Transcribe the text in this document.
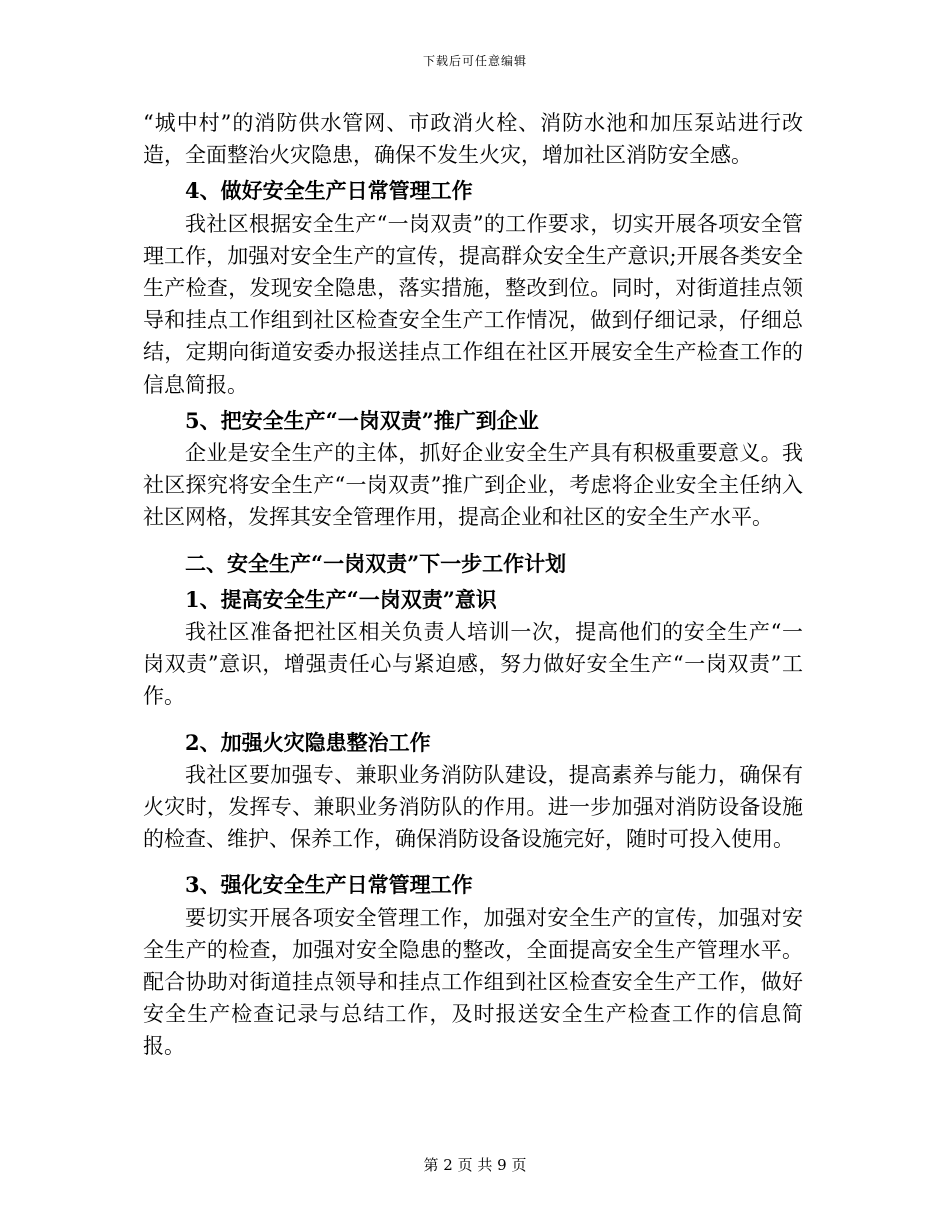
下载后可任意编辑

“城中村”的消防供水管网、市政消火栓、消防水池和加压泵站进行改造，全面整治火灾隐患，确保不发生火灾，增加社区消防安全感。

4、做好安全生产日常管理工作

我社区根据安全生产“一岗双责”的工作要求，切实开展各项安全管理工作，加强对安全生产的宣传，提高群众安全生产意识;开展各类安全生产检查，发现安全隐患，落实措施，整改到位。同时，对街道挂点领导和挂点工作组到社区检查安全生产工作情况，做到仔细记录，仔细总结，定期向街道安委办报送挂点工作组在社区开展安全生产检查工作的信息简报。

5、把安全生产“一岗双责”推广到企业

企业是安全生产的主体，抓好企业安全生产具有积极重要意义。我社区探究将安全生产“一岗双责”推广到企业，考虑将企业安全主任纳入社区网格，发挥其安全管理作用，提高企业和社区的安全生产水平。

二、安全生产“一岗双责”下一步工作计划

1、提高安全生产“一岗双责”意识

我社区准备把社区相关负责人培训一次，提高他们的安全生产“一岗双责”意识，增强责任心与紧迫感，努力做好安全生产“一岗双责”工作。

2、加强火灾隐患整治工作

我社区要加强专、兼职业务消防队建设，提高素养与能力，确保有火灾时，发挥专、兼职业务消防队的作用。进一步加强对消防设备设施的检查、维护、保养工作，确保消防设备设施完好，随时可投入使用。

3、强化安全生产日常管理工作

要切实开展各项安全管理工作，加强对安全生产的宣传，加强对安全生产的检查，加强对安全隐患的整改，全面提高安全生产管理水平。配合协助对街道挂点领导和挂点工作组到社区检查安全生产工作，做好安全生产检查记录与总结工作，及时报送安全生产检查工作的信息简报。

第 2 页 共 9 页
